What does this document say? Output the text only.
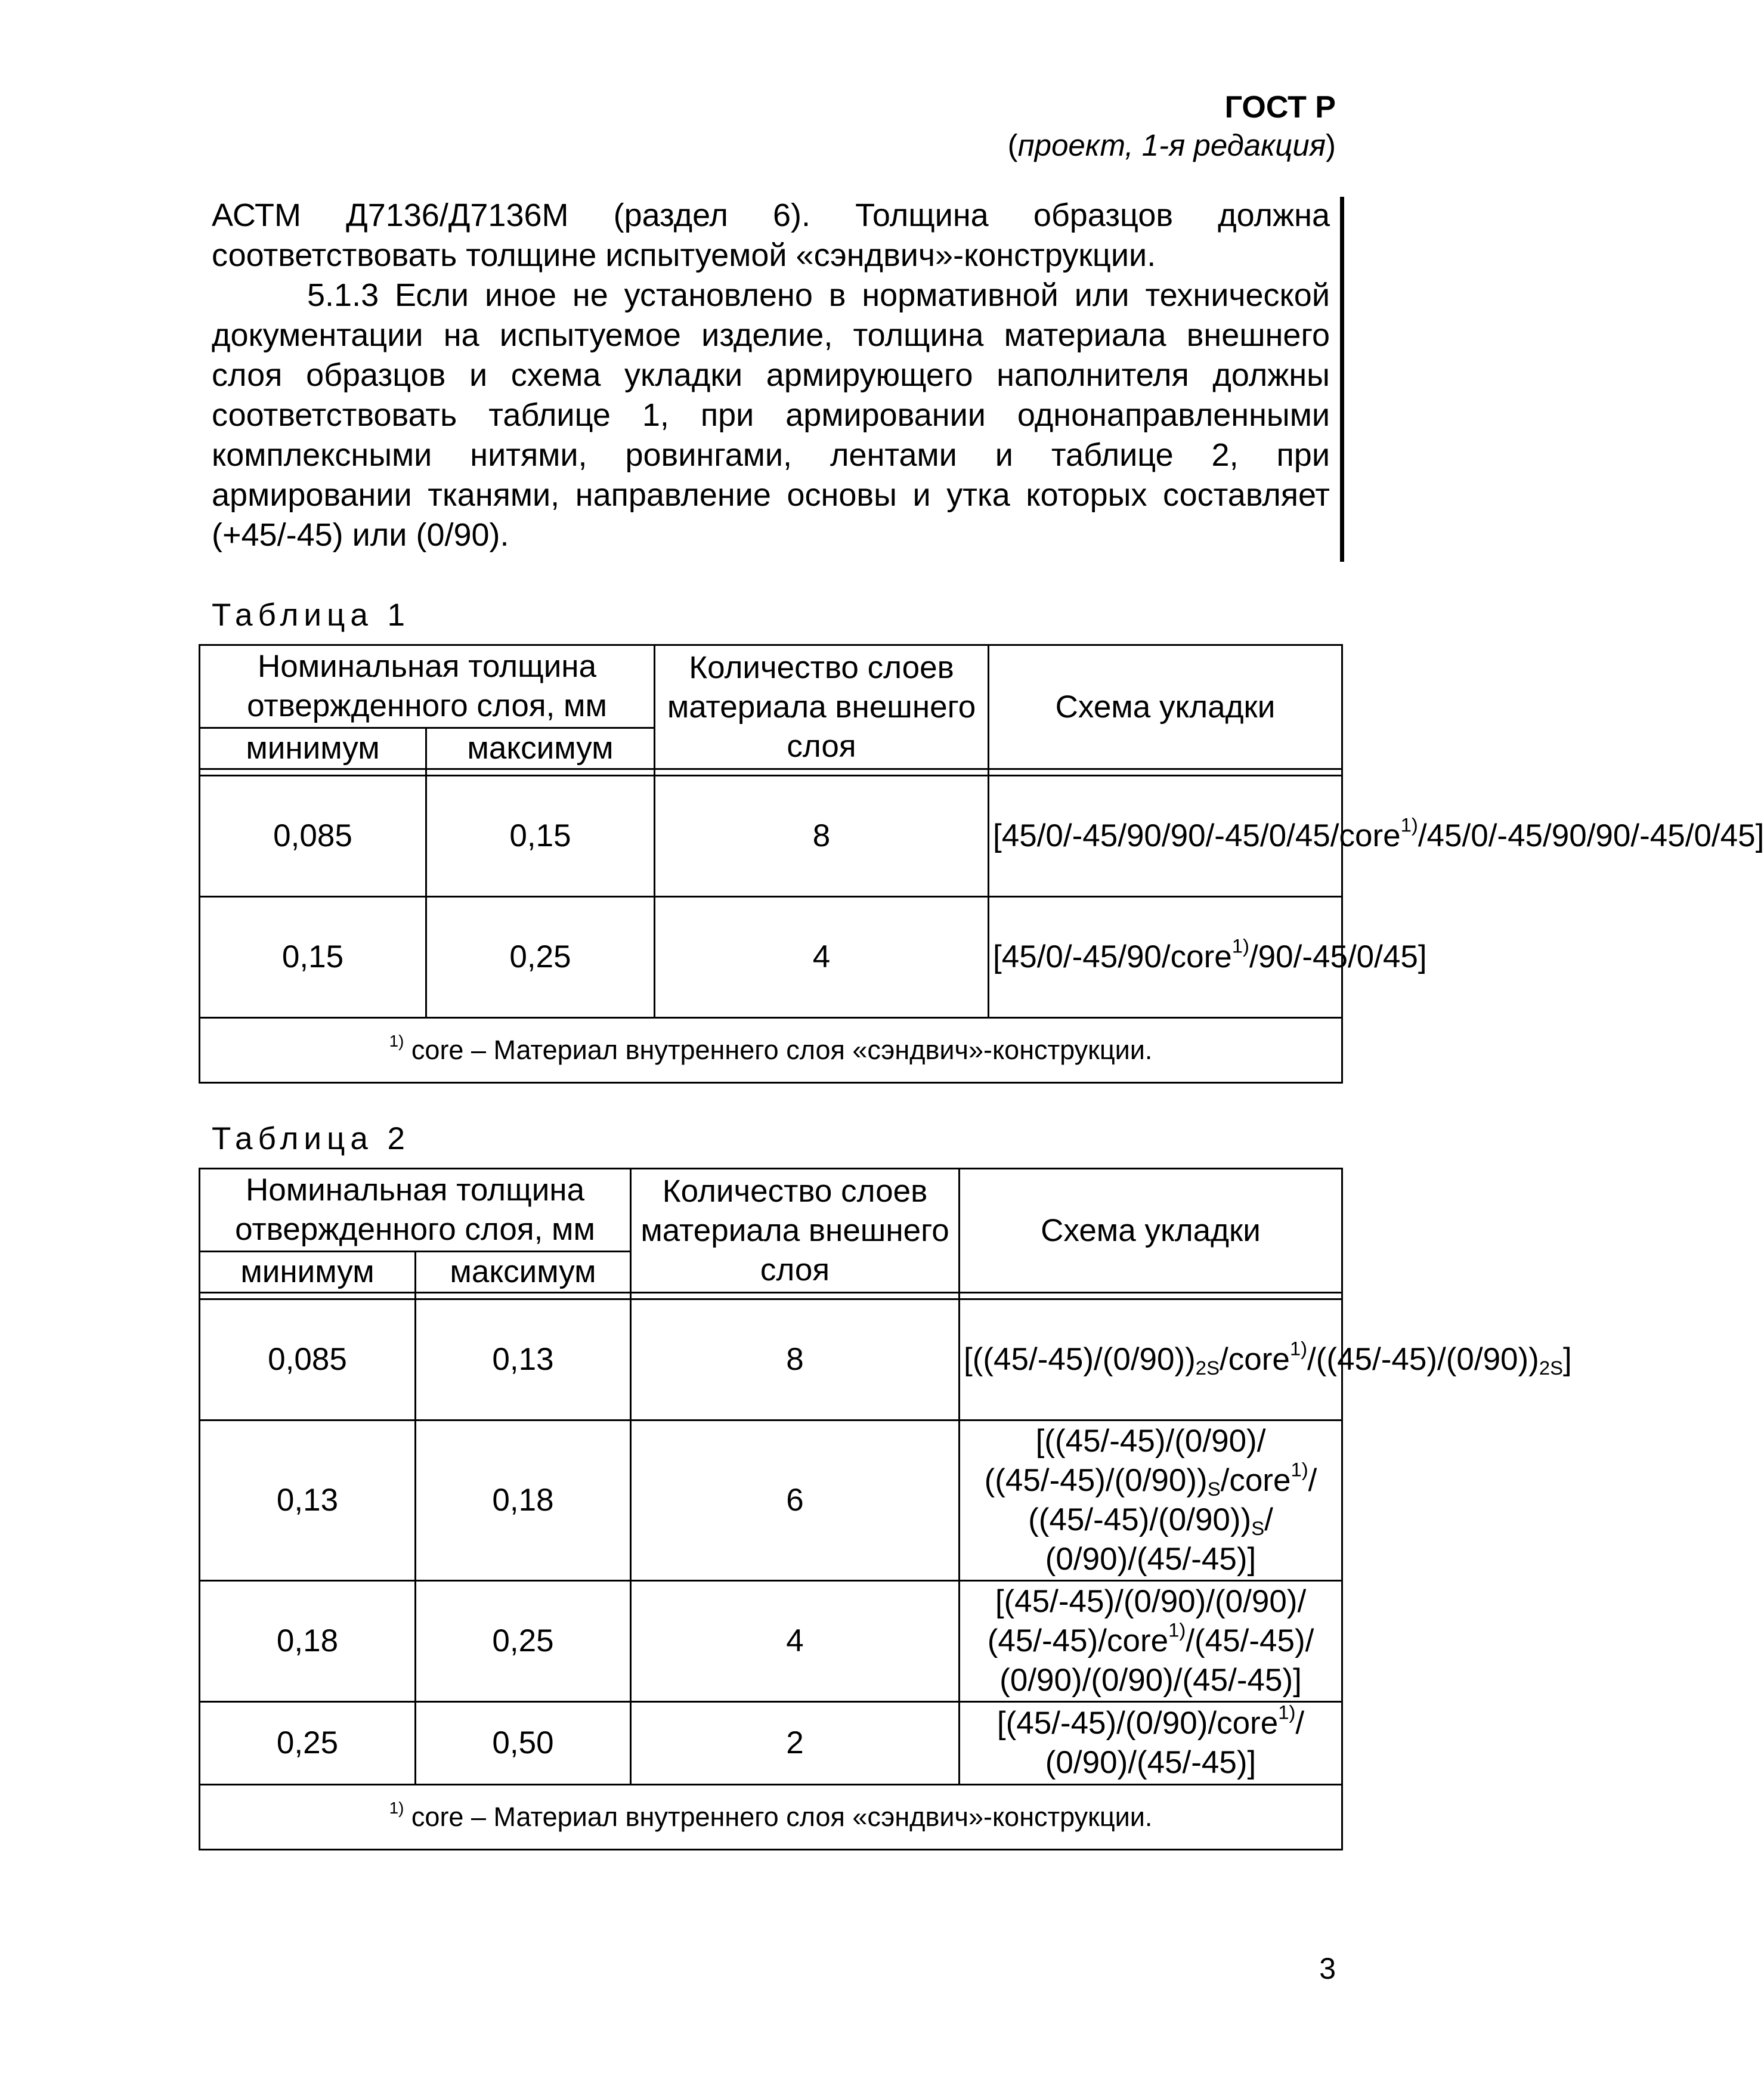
ГОСТ Р
(проект, 1-я редакция)

АСТМ Д7136/Д7136М (раздел 6). Толщина образцов должна соответствовать толщине испытуемой «сэндвич»-конструкции.

5.1.3 Если иное не установлено в нормативной или технической документации на испытуемое изделие, толщина материала внешнего слоя образцов и схема укладки армирующего наполнителя должны соответствовать таблице 1, при армировании однонаправленными комплексными нитями, ровингами, лентами и таблице 2, при армировании тканями, направление основы и утка которых составляет (+45/-45) или (0/90).

Таблица 1
Номинальная толщина отвержденного слоя, мм		Количество слоев материала внешнего слоя	Схема укладки
минимум	максимум		

0,085	0,15	8	[45/0/-45/90/90/-45/0/45/core$^{1)}$/45/0/-45/90/90/-45/0/45]
0,15	0,25	4	[45/0/-45/90/core$^{1)}$/90/-45/0/45]
$^{1)}$ core – Материал внутреннего слоя «сэндвич»-конструкции.			
Таблица 2
Номинальная толщина отвержденного слоя, мм		Количество слоев материала внешнего слоя	Схема укладки
минимум	максимум		

0,085	0,13	8	$[((45/-45)/(0/90))_{2S}/core^{1)}/((45/-45)/(0/90))_{2S}]$
0,13	0,18	6	[((45/-45)/(0/90)/ $((45/-45)/(0/90))_S/core^{1)}/$ $((45/-45)/(0/90))_S/$ (0/90)/(45/-45)]
0,18	0,25	4	[(45/-45)/(0/90)/(0/90)/ (45/-45)/core$^{1)}$/(45/-45)/ (0/90)/(0/90)/(45/-45)]
0,25	0,50	2	[(45/-45)/(0/90)/core$^{1)}$/ (0/90)/(45/-45)]
$^{1)}$ core – Материал внутреннего слоя «сэндвич»-конструкции.			
3
